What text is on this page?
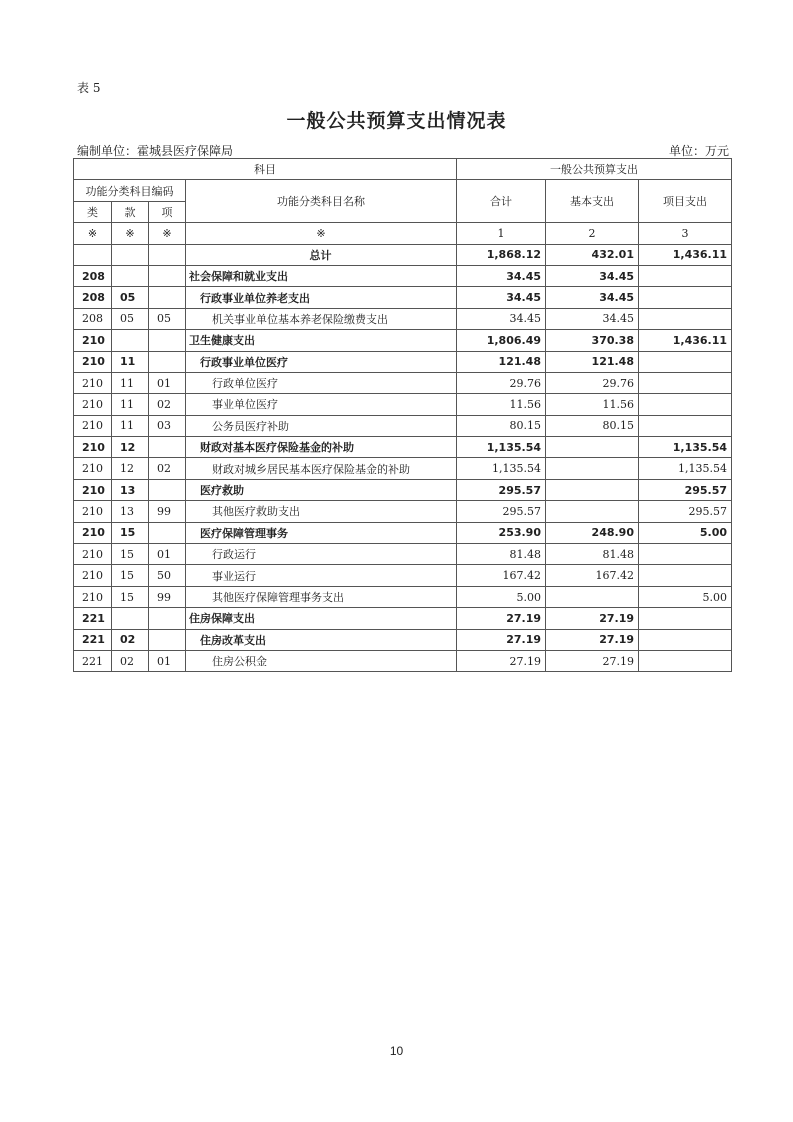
表 5
一般公共预算支出情况表
编制单位：霍城县医疗保障局	单位：万元
科目				一般公共预算支出		
功能分类科目编码			功能分类科目名称	合计	基本支出	项目支出
类	款	项				
※	※	※	※	1	2	3
			总计	1,868.12	432.01	1,436.11
208			社会保障和就业支出	34.45	34.45	
208	05		行政事业单位养老支出	34.45	34.45	
208	05	05	机关事业单位基本养老保险缴费支出	34.45	34.45	
210			卫生健康支出	1,806.49	370.38	1,436.11
210	11		行政事业单位医疗	121.48	121.48	
210	11	01	行政单位医疗	29.76	29.76	
210	11	02	事业单位医疗	11.56	11.56	
210	11	03	公务员医疗补助	80.15	80.15	
210	12		财政对基本医疗保险基金的补助	1,135.54		1,135.54
210	12	02	财政对城乡居民基本医疗保险基金的补助	1,135.54		1,135.54
210	13		医疗救助	295.57		295.57
210	13	99	其他医疗救助支出	295.57		295.57
210	15		医疗保障管理事务	253.90	248.90	5.00
210	15	01	行政运行	81.48	81.48	
210	15	50	事业运行	167.42	167.42	
210	15	99	其他医疗保障管理事务支出	5.00		5.00
221			住房保障支出	27.19	27.19	
221	02		住房改革支出	27.19	27.19	
221	02	01	住房公积金	27.19	27.19	
10
